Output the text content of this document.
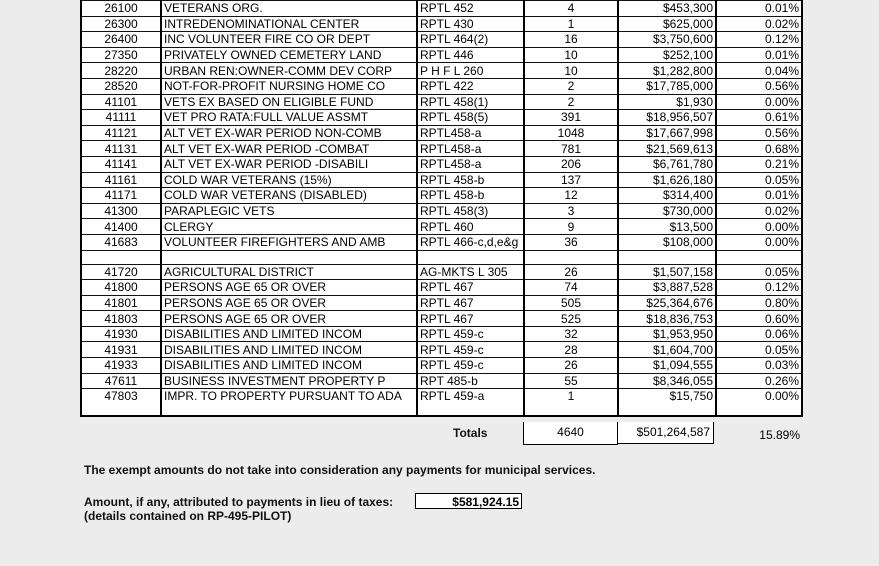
26100	VETERANS ORG.	RPTL 452	4	$453,300	0.01%
26300	INTREDENOMINATIONAL CENTER	RPTL 430	1	$625,000	0.02%
26400	INC VOLUNTEER FIRE CO OR DEPT	RPTL 464(2)	16	$3,750,600	0.12%
27350	PRIVATELY OWNED CEMETERY LAND	RPTL 446	10	$252,100	0.01%
28220	URBAN REN:OWNER-COMM DEV CORP	P H F L 260	10	$1,282,800	0.04%
28520	NOT-FOR-PROFIT NURSING HOME CO	RPTL 422	2	$17,785,000	0.56%
41101	VETS EX BASED ON ELIGIBLE FUND	RPTL 458(1)	2	$1,930	0.00%
41111	VET PRO RATA:FULL VALUE ASSMT	RPTL 458(5)	391	$18,956,507	0.61%
41121	ALT VET EX-WAR PERIOD NON-COMB	RPTL458-a	1048	$17,667,998	0.56%
41131	ALT VET EX-WAR PERIOD -COMBAT	RPTL458-a	781	$21,569,613	0.68%
41141	ALT VET EX-WAR PERIOD -DISABILI	RPTL458-a	206	$6,761,780	0.21%
41161	COLD WAR VETERANS (15%)	RPTL 458-b	137	$1,626,180	0.05%
41171	COLD WAR VETERANS (DISABLED)	RPTL 458-b	12	$314,400	0.01%
41300	PARAPLEGIC VETS	RPTL 458(3)	3	$730,000	0.02%
41400	CLERGY	RPTL 460	9	$13,500	0.00%
41683	VOLUNTEER FIREFIGHTERS AND AMB	RPTL 466-c,d,e&g	36	$108,000	0.00%

41720	AGRICULTURAL DISTRICT	AG-MKTS L 305	26	$1,507,158	0.05%
41800	PERSONS AGE 65 OR OVER	RPTL 467	74	$3,887,528	0.12%
41801	PERSONS AGE 65 OR OVER	RPTL 467	505	$25,364,676	0.80%
41803	PERSONS AGE 65 OR OVER	RPTL 467	525	$18,836,753	0.60%
41930	DISABILITIES AND LIMITED INCOM	RPTL 459-c	32	$1,953,950	0.06%
41931	DISABILITIES AND LIMITED INCOM	RPTL 459-c	28	$1,604,700	0.05%
41933	DISABILITIES AND LIMITED INCOM	RPTL 459-c	26	$1,094,555	0.03%
47611	BUSINESS INVESTMENT PROPERTY P	RPT 485-b	55	$8,346,055	0.26%
47803	IMPR. TO PROPERTY PURSUANT TO ADA	RPTL 459-a	1	$15,750	0.00%
Totals	4640	$501,264,587	15.89%
The exempt amounts do not take into consideration any payments for municipal services.
Amount, if any, attributed to payments in lieu of taxes:
(details contained on RP-495-PILOT)
$581,924.15
